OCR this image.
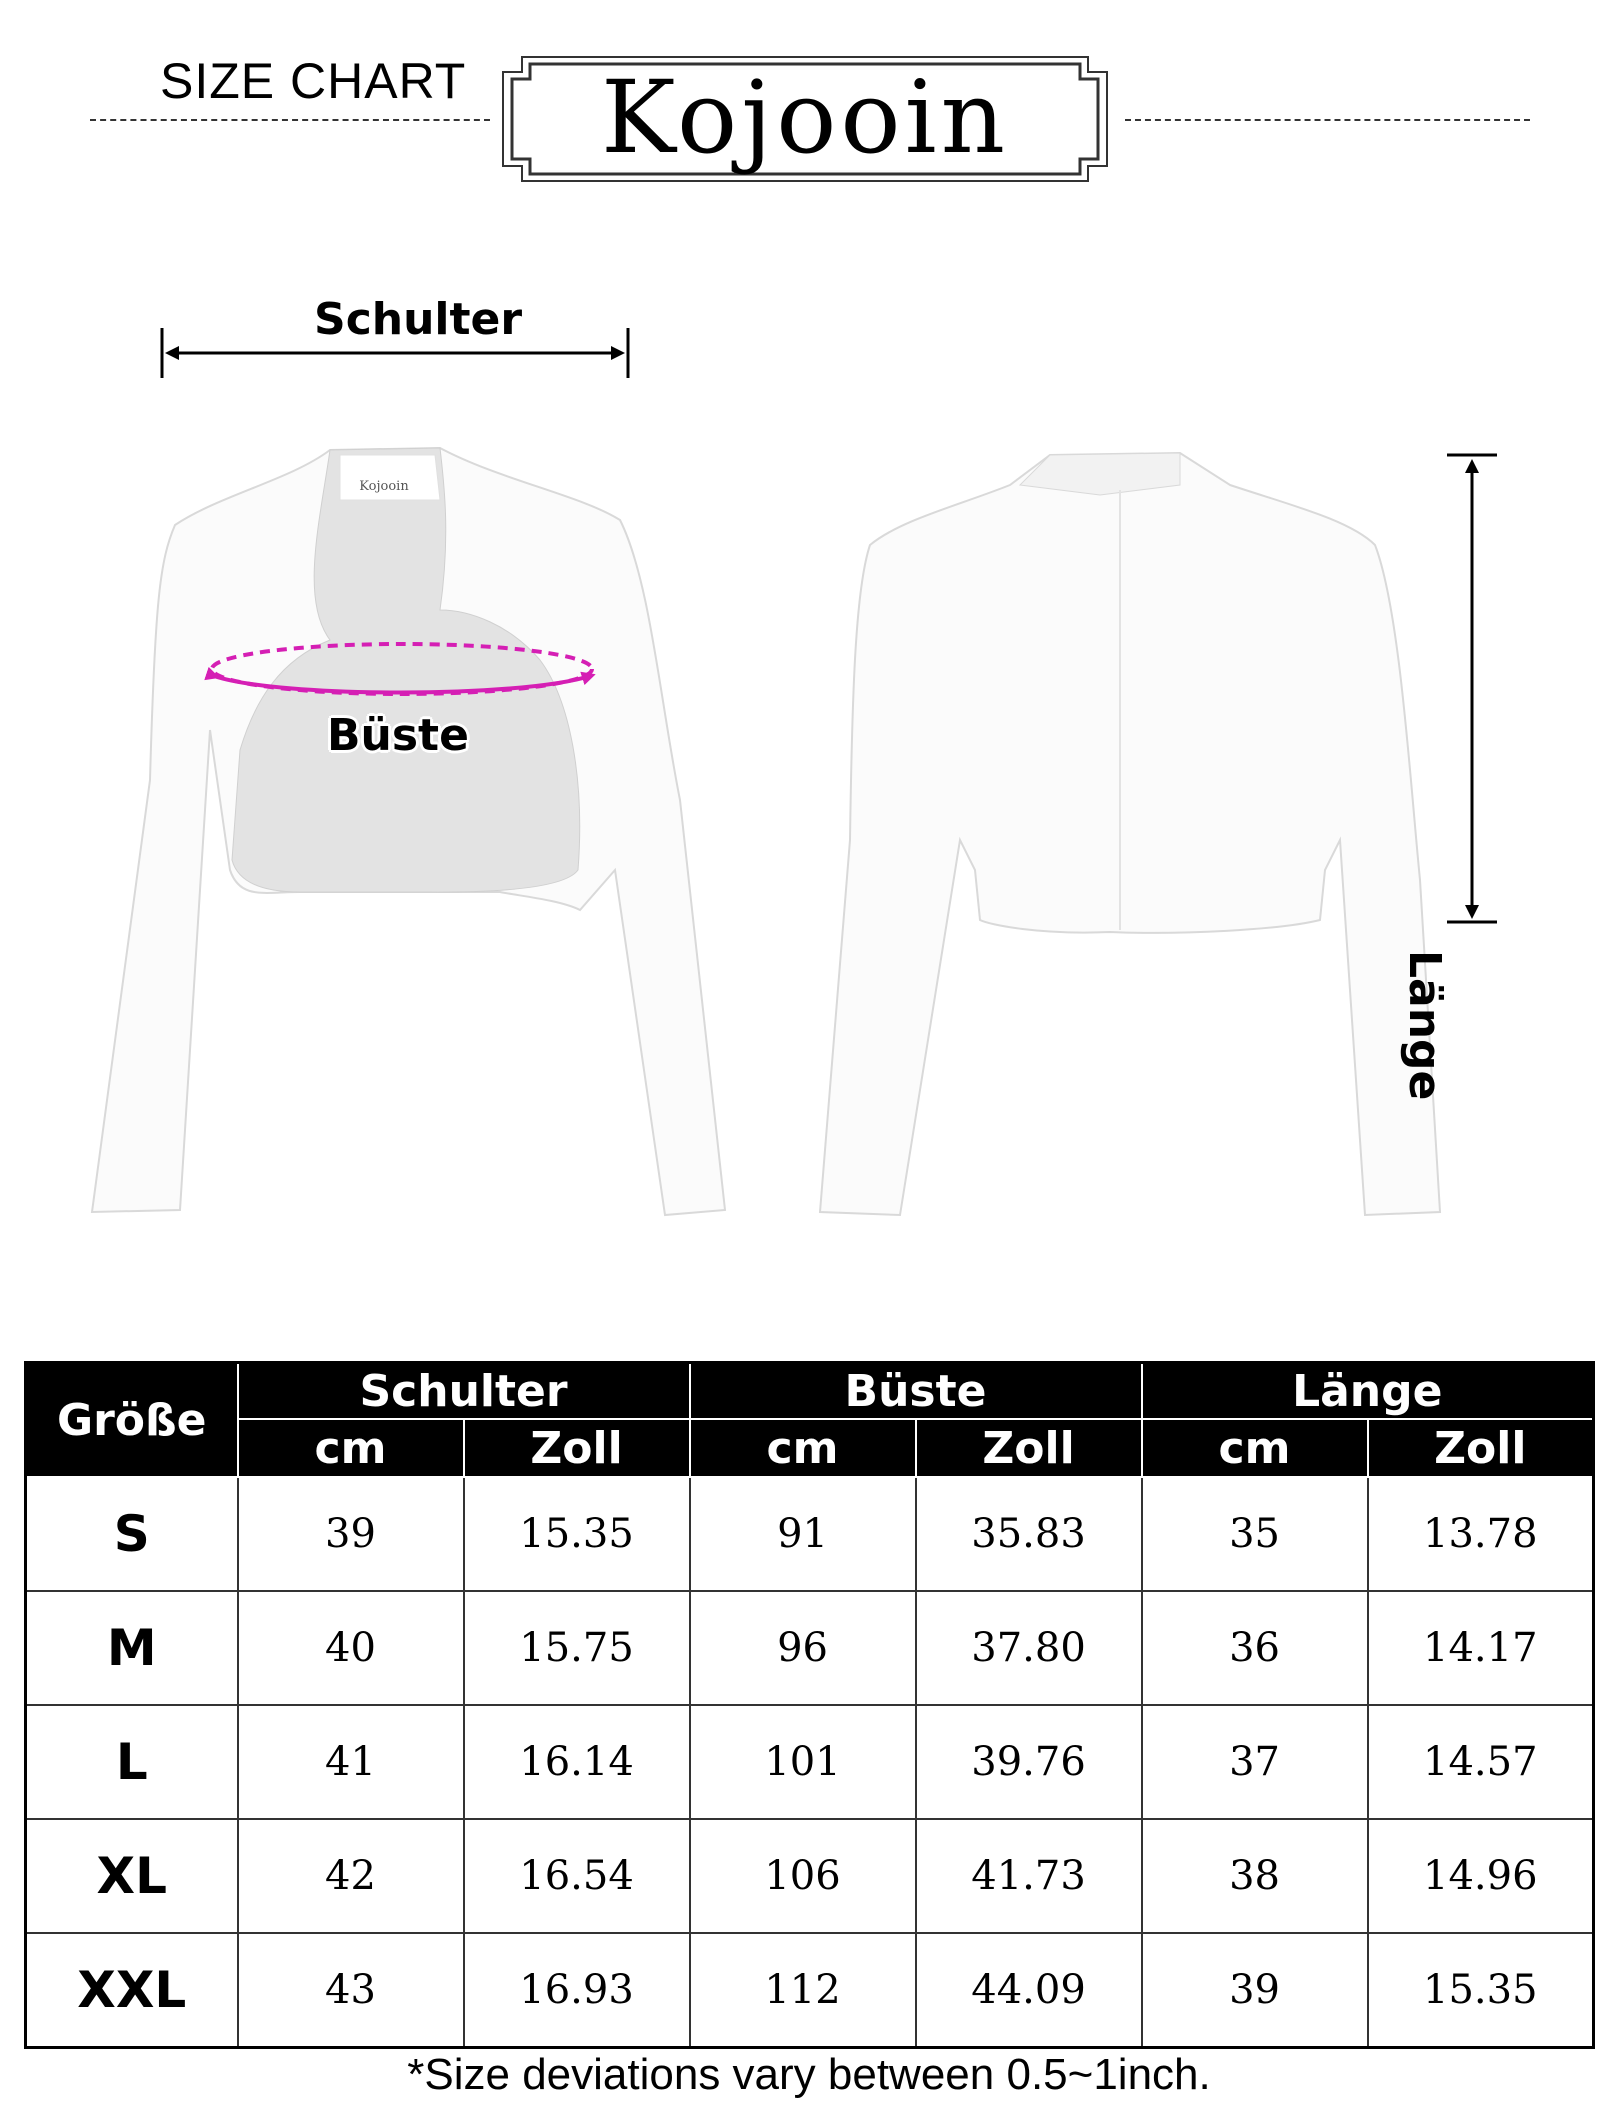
SIZE CHART	Kojooin
Kojooin
Schulter
Büste
Länge
Größe	Schulter		Büste		Länge	
	cm	Zoll	cm	Zoll	cm	Zoll
S	39	15.35	91	35.83	35	13.78
M	40	15.75	96	37.80	36	14.17
L	41	16.14	101	39.76	37	14.57
XL	42	16.54	106	41.73	38	14.96
XXL	43	16.93	112	44.09	39	15.35
*Size deviations vary between 0.5~1inch.
